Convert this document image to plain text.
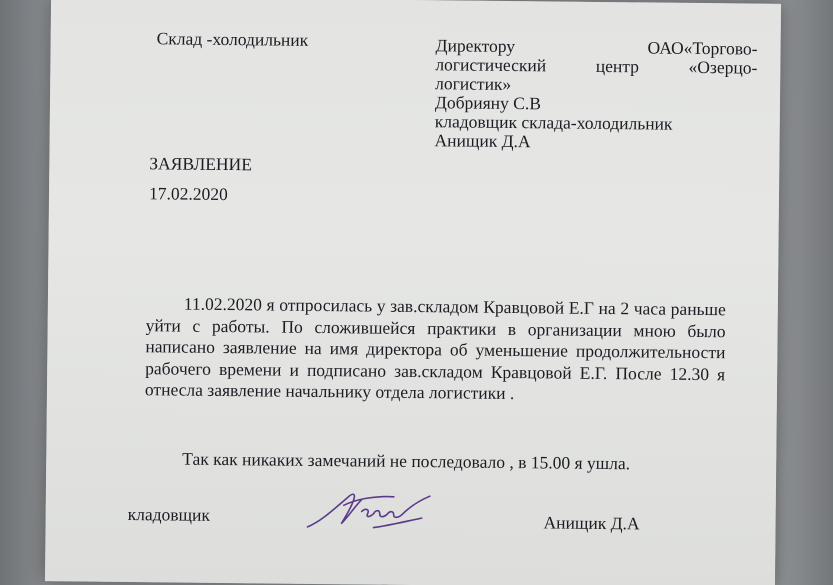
Склад -холодильник	Директору ОАО«Торгово-
логистический центр «Озерцо-
логистик»
Добрияну С.В
кладовщик склада-холодильник
Анищик Д.А

ЗАЯВЛЕНИЕ

17.02.2020

11.02.2020 я отпросилась у зав.складом Кравцовой Е.Г на 2 часа раньше уйти с работы. По сложившейся практики в организации мною было написано заявление на имя директора об уменьшение продолжительности рабочего времени и подписано зав.складом Кравцовой Е.Г. После 12.30 я отнесла заявление начальнику отдела логистики .

Так как никаких замечаний не последовало , в 15.00 я ушла.

кладовщик	Анищик Д.А
